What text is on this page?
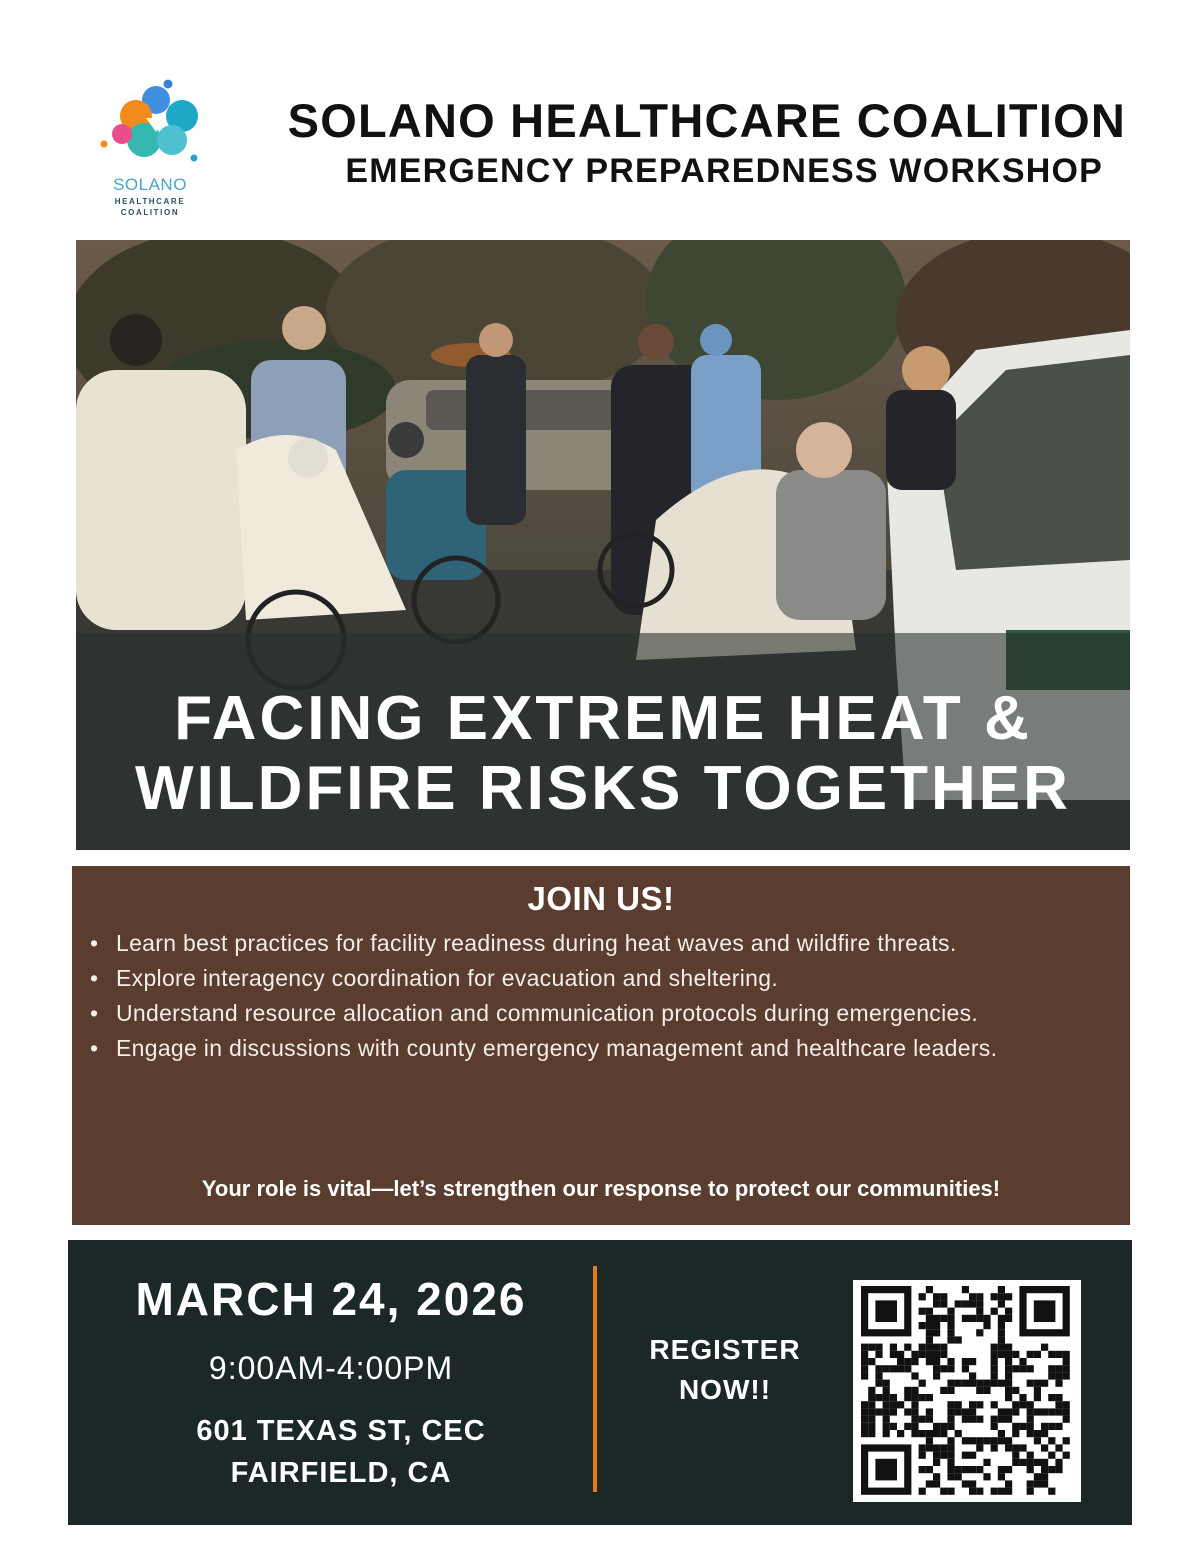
SOLANO
HEALTHCARE
COALITION
SOLANO HEALTHCARE COALITION
EMERGENCY PREPAREDNESS WORKSHOP
FACING EXTREME HEAT &
WILDFIRE RISKS TOGETHER
JOIN US!
• Learn best practices for facility readiness during heat waves and wildfire threats.
• Explore interagency coordination for evacuation and sheltering.
• Understand resource allocation and communication protocols during emergencies.
• Engage in discussions with county emergency management and healthcare leaders.
Your role is vital—let’s strengthen our response to protect our communities!
MARCH 24, 2026
9:00AM-4:00PM
601 TEXAS ST, CEC
FAIRFIELD, CA
REGISTER
NOW!!
